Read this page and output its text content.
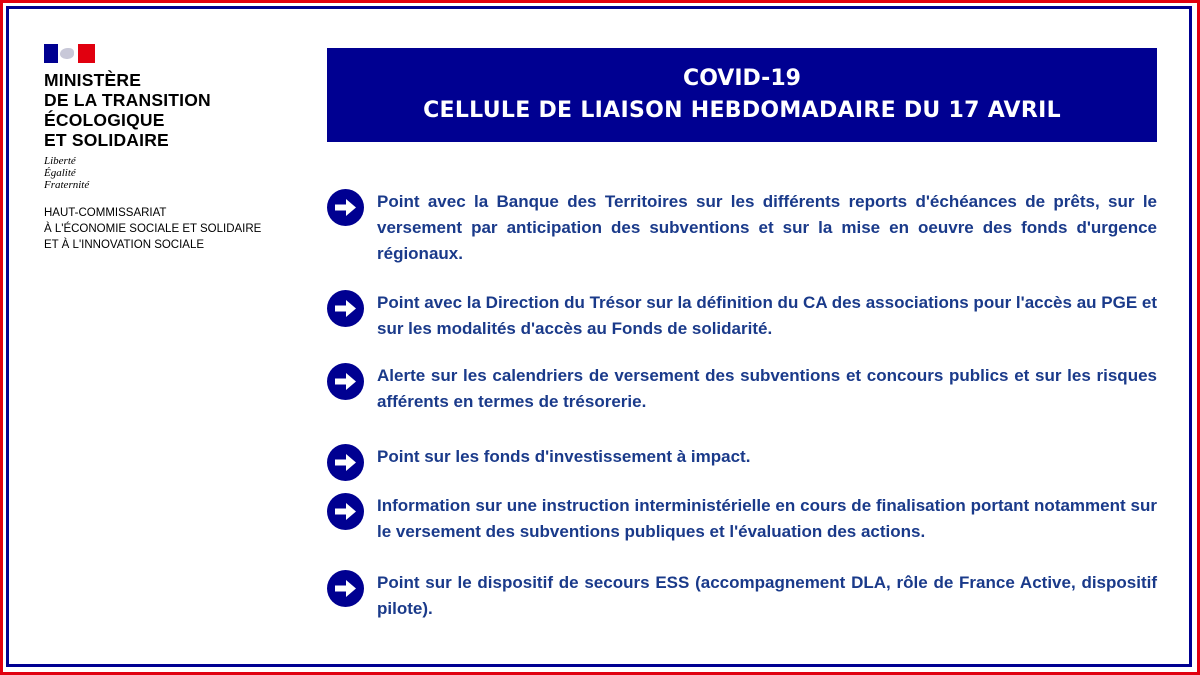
MINISTÈRE
DE LA TRANSITION
ÉCOLOGIQUE
ET SOLIDAIRE

Liberté
Égalité
Fraternité
HAUT-COMMISSARIAT
À L'ÉCONOMIE SOCIALE ET SOLIDAIRE
ET À L'INNOVATION SOCIALE
COVID-19
CELLULE DE LIAISON HEBDOMADAIRE DU 17 AVRIL
Point avec la Banque des Territoires sur les différents reports d'échéances de prêts, sur le versement par anticipation des subventions et sur la mise en oeuvre des fonds d'urgence régionaux.
Point avec la Direction du Trésor sur la définition du CA des associations pour l'accès au PGE et sur les modalités d'accès au Fonds de solidarité.
Alerte sur les calendriers de versement des subventions et concours publics et sur les risques afférents en termes de trésorerie.
Point sur les fonds d'investissement à impact.
Information sur une instruction interministérielle en cours de finalisation portant notamment sur le versement des subventions publiques et l'évaluation des actions.
Point sur le dispositif de secours ESS (accompagnement DLA, rôle de France Active, dispositif pilote).
